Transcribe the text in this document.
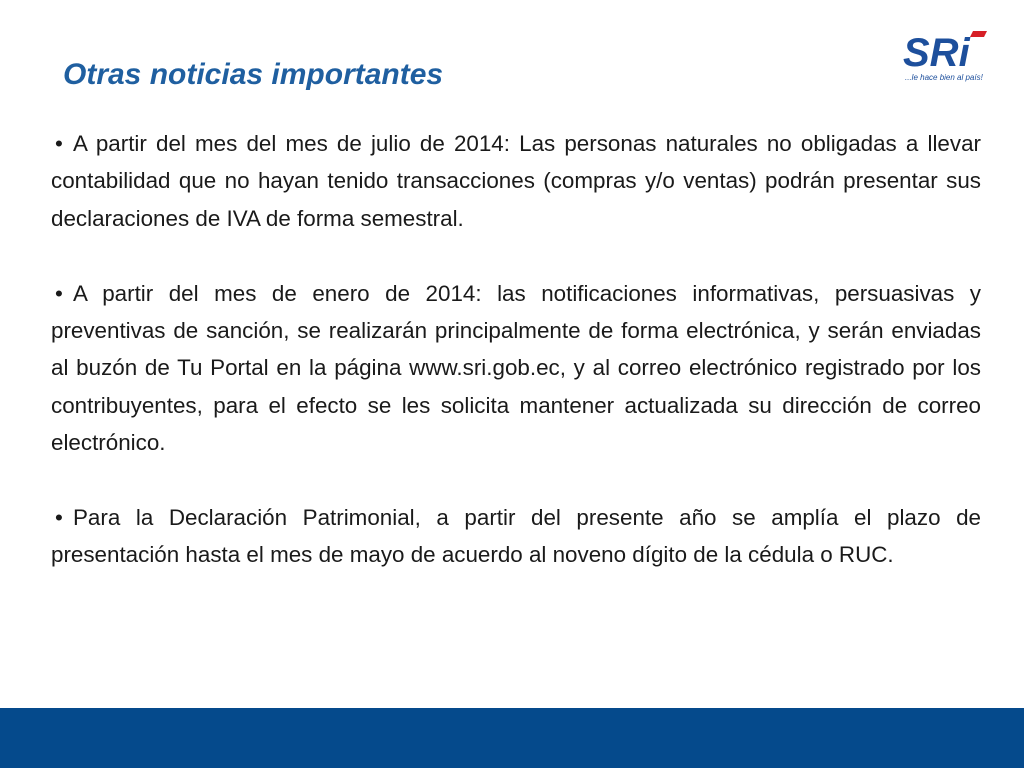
Otras noticias importantes	SRi
...le hace bien al país!

• A partir del mes del mes de julio de 2014: Las personas naturales no obligadas a llevar contabilidad que no hayan tenido transacciones (compras y/o ventas) podrán presentar sus declaraciones de IVA de forma semestral.

• A partir del mes de enero de 2014: las notificaciones informativas, persuasivas y preventivas de sanción, se realizarán principalmente de forma electrónica, y serán enviadas al buzón de Tu Portal en la página www.sri.gob.ec, y al correo electrónico registrado por los contribuyentes, para el efecto se les solicita mantener actualizada su dirección de correo electrónico.

• Para la Declaración Patrimonial, a partir del presente año se amplía el plazo de presentación hasta el mes de mayo de acuerdo al noveno dígito de la cédula o RUC.
